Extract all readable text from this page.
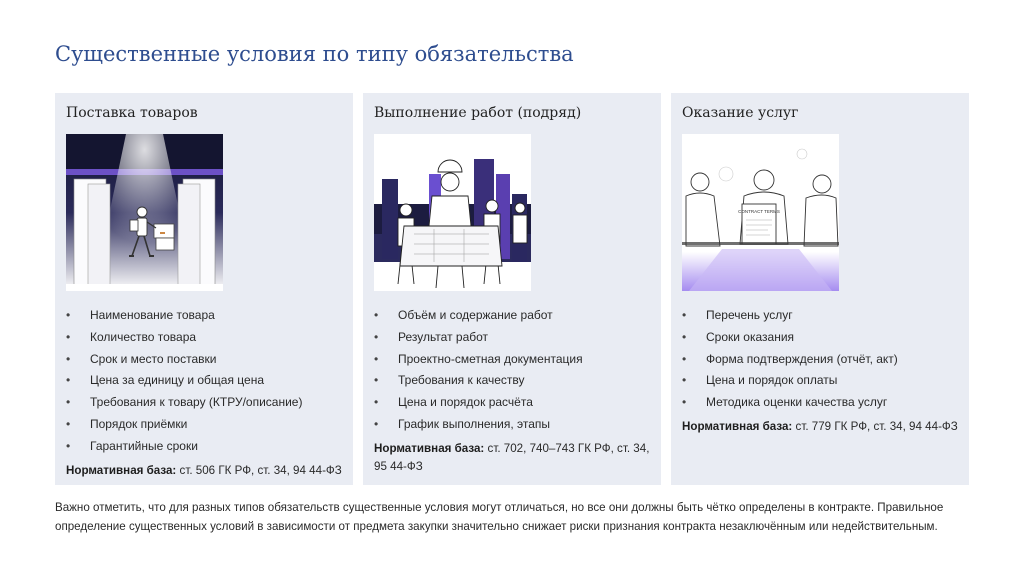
Существенные условия по типу обязательства
Поставка товаров
• Наименование товара
• Количество товара
• Срок и место поставки
• Цена за единицу и общая цена
• Требования к товару (КТРУ/описание)
• Порядок приёмки
• Гарантийные сроки

Нормативная база: ст. 506 ГК РФ, ст. 34, 94 44-ФЗ

Выполнение работ (подряд)
• Объём и содержание работ
• Результат работ
• Проектно-сметная документация
• Требования к качеству
• Цена и порядок расчёта
• График выполнения, этапы

Нормативная база: ст. 702, 740–743 ГК РФ, ст. 34, 95 44-ФЗ

Оказание услуг
CONTRACT TERMS
• Перечень услуг
• Сроки оказания
• Форма подтверждения (отчёт, акт)
• Цена и порядок оплаты
• Методика оценки качества услуг

Нормативная база: ст. 779 ГК РФ, ст. 34, 94 44-ФЗ

Важно отметить, что для разных типов обязательств существенные условия могут отличаться, но все они должны быть чётко определены в контракте. Правильное определение существенных условий в зависимости от предмета закупки значительно снижает риски признания контракта незаключённым или недействительным.
